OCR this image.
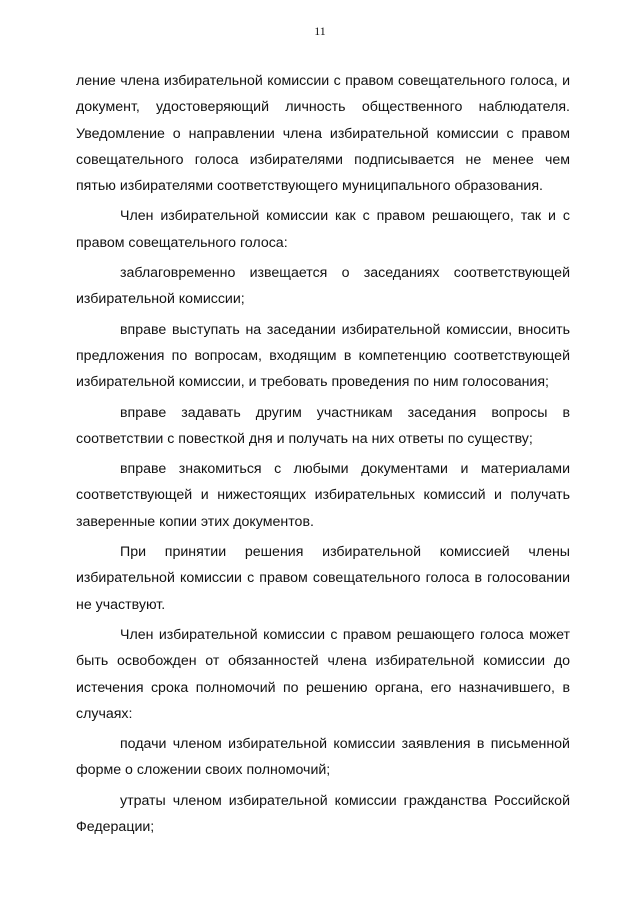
11

ление члена избирательной комиссии с правом совещательного голоса, и документ, удостоверяющий личность общественного наблюдателя. Уведомление о направлении члена избирательной комиссии с правом совещательного голоса избирателями подписывается не менее чем пятью избирателями соответствующего муниципального образования.

Член избирательной комиссии как с правом решающего, так и с правом совещательного голоса:

заблаговременно извещается о заседаниях соответствующей избирательной комиссии;

вправе выступать на заседании избирательной комиссии, вносить предложения по вопросам, входящим в компетенцию соответствующей избирательной комиссии, и требовать проведения по ним голосования;

вправе задавать другим участникам заседания вопросы в соответствии с повесткой дня и получать на них ответы по существу;

вправе знакомиться с любыми документами и материалами соответствующей и нижестоящих избирательных комиссий и получать заверенные копии этих документов.

При принятии решения избирательной комиссией члены избирательной комиссии с правом совещательного голоса в голосовании не участвуют.

Член избирательной комиссии с правом решающего голоса может быть освобожден от обязанностей члена избирательной комиссии до истечения срока полномочий по решению органа, его назначившего, в случаях:

подачи членом избирательной комиссии заявления в письменной форме о сложении своих полномочий;

утраты членом избирательной комиссии гражданства Российской Федерации;
